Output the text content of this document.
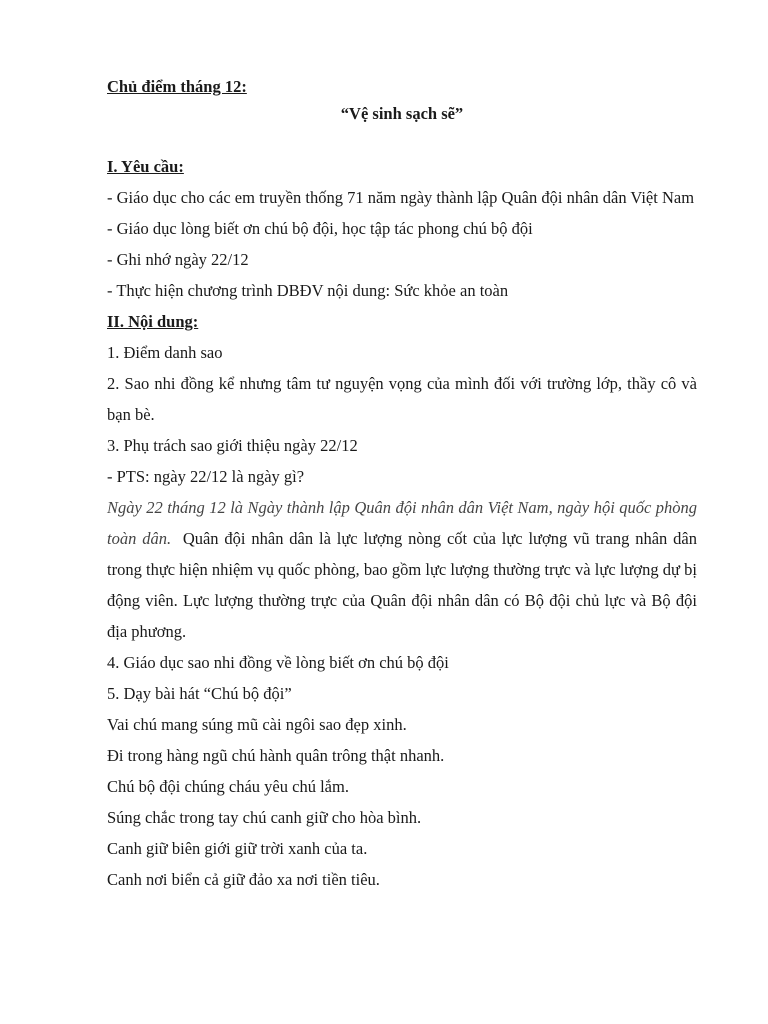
Chủ điểm tháng 12:

“Vệ sinh sạch sẽ”

I. Yêu cầu:

- Giáo dục cho các em truyền thống 71 năm ngày thành lập Quân đội nhân dân Việt Nam

- Giáo dục lòng biết ơn chú bộ đội, học tập tác phong chú bộ đội

- Ghi nhớ ngày 22/12

- Thực hiện chương trình DBĐV nội dung: Sức khỏe an toàn

II. Nội dung:

1. Điểm danh sao

2. Sao nhi đồng kể nhưng tâm tư nguyện vọng của mình đối với trường lớp, thầy cô và bạn bè.

3. Phụ trách sao giới thiệu ngày 22/12

- PTS: ngày 22/12 là ngày gì?

Ngày 22 tháng 12 là Ngày thành lập Quân đội nhân dân Việt Nam, ngày hội quốc phòng toàn dân. Quân đội nhân dân là lực lượng nòng cốt của lực lượng vũ trang nhân dân trong thực hiện nhiệm vụ quốc phòng, bao gồm lực lượng thường trực và lực lượng dự bị động viên. Lực lượng thường trực của Quân đội nhân dân có Bộ đội chủ lực và Bộ đội địa phương.

4. Giáo dục sao nhi đồng về lòng biết ơn chú bộ đội

5. Dạy bài hát “Chú bộ đội”

Vai chú mang súng mũ cài ngôi sao đẹp xinh.

Đi trong hàng ngũ chú hành quân trông thật nhanh.

Chú bộ đội chúng cháu yêu chú lắm.

Súng chắc trong tay chú canh giữ cho hòa bình.

Canh giữ biên giới giữ trời xanh của ta.

Canh nơi biển cả giữ đảo xa nơi tiền tiêu.
